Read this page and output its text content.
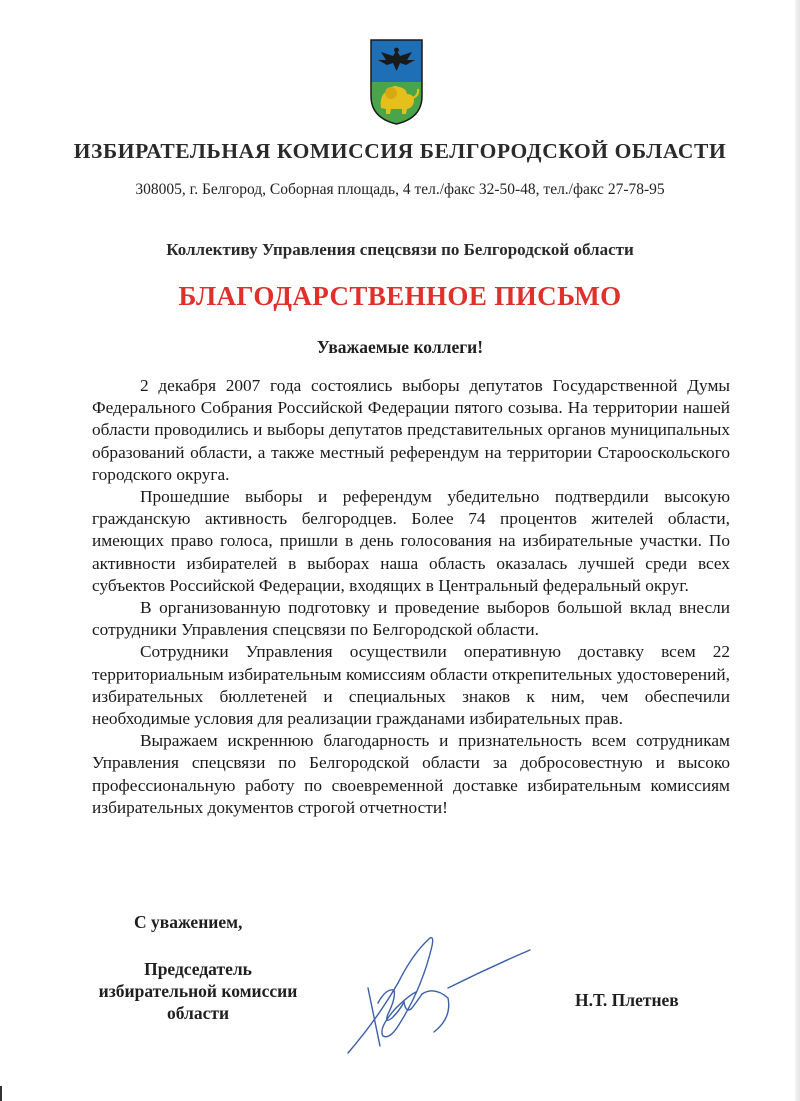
ИЗБИРАТЕЛЬНАЯ КОМИССИЯ БЕЛГОРОДСКОЙ ОБЛАСТИ
308005, г. Белгород, Соборная площадь, 4 тел./факс 32-50-48, тел./факс 27-78-95
Коллективу Управления спецсвязи по Белгородской области
БЛАГОДАРСТВЕННОЕ ПИСЬМО
Уважаемые коллеги!

2 декабря 2007 года состоялись выборы депутатов Государственной Думы Федерального Собрания Российской Федерации пятого созыва. На территории нашей области проводились и выборы депутатов представительных органов муниципальных образований области, а также местный референдум на территории Старооскольского городского округа.

Прошедшие выборы и референдум убедительно подтвердили высокую гражданскую активность белгородцев. Более 74 процентов жителей области, имеющих право голоса, пришли в день голосования на избирательные участки. По активности избирателей в выборах наша область оказалась лучшей среди всех субъектов Российской Федерации, входящих в Центральный федеральный округ.

В организованную подготовку и проведение выборов большой вклад внесли сотрудники Управления спецсвязи по Белгородской области.

Сотрудники Управления осуществили оперативную доставку всем 22 территориальным избирательным комиссиям области открепительных удостоверений, избирательных бюллетеней и специальных знаков к ним, чем обеспечили необходимые условия для реализации гражданами избирательных прав.

Выражаем искреннюю благодарность и признательность всем сотрудникам Управления спецсвязи по Белгородской области за добросовестную и высоко профессиональную работу по своевременной доставке избирательным комиссиям избирательных документов строгой отчетности!

С уважением,
Председатель
избирательной комиссии
области
Н.Т. Плетнев
